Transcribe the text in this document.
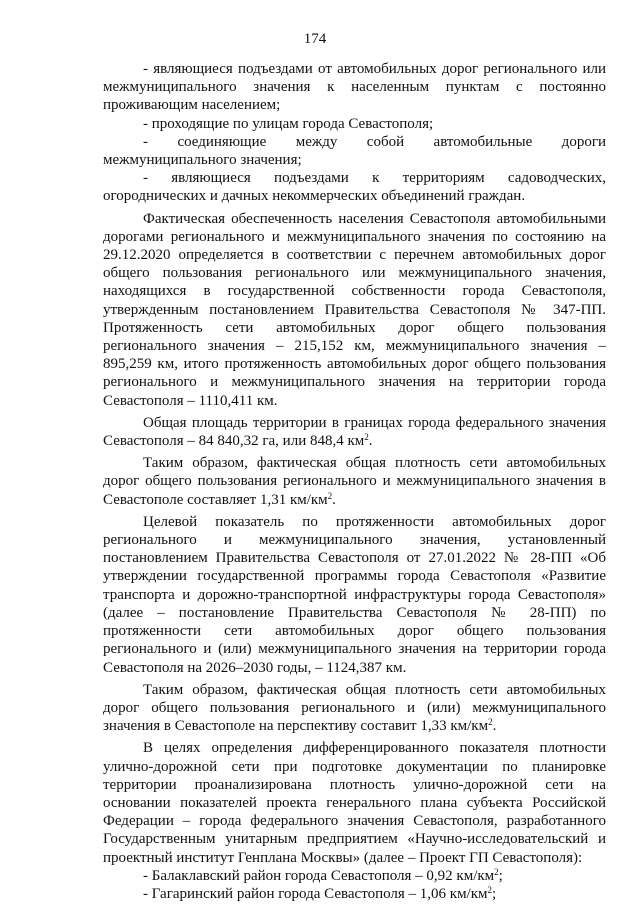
174

- являющиеся подъездами от автомобильных дорог регионального или межмуниципального значения к населенным пунктам с постоянно проживающим населением;

- проходящие по улицам города Севастополя;

- соединяющие между собой автомобильные дороги межмуниципального значения;

- являющиеся подъездами к территориям садоводческих, огороднических и дачных некоммерческих объединений граждан.

Фактическая обеспеченность населения Севастополя автомобильными дорогами регионального и межмуниципального значения по состоянию на 29.12.2020 определяется в соответствии с перечнем автомобильных дорог общего пользования регионального или межмуниципального значения, находящихся в государственной собственности города Севастополя, утвержденным постановлением Правительства Севастополя № 347-ПП. Протяженность сети автомобильных дорог общего пользования регионального значения – 215,152 км, межмуниципального значения – 895,259 км, итого протяженность автомобильных дорог общего пользования регионального и межмуниципального значения на территории города Севастополя – 1110,411 км.

Общая площадь территории в границах города федерального значения Севастополя – 84 840,32 га, или 848,4 $км^2$.

Таким образом, фактическая общая плотность сети автомобильных дорог общего пользования регионального и межмуниципального значения в Севастополе составляет 1,31 $км/км^2$.

Целевой показатель по протяженности автомобильных дорог регионального и межмуниципального значения, установленный постановлением Правительства Севастополя от 27.01.2022 № 28-ПП «Об утверждении государственной программы города Севастополя «Развитие транспорта и дорожно-транспортной инфраструктуры города Севастополя» (далее – постановление Правительства Севастополя № 28-ПП) по протяженности сети автомобильных дорог общего пользования регионального и (или) межмуниципального значения на территории города Севастополя на 2026–2030 годы, – 1124,387 км.

Таким образом, фактическая общая плотность сети автомобильных дорог общего пользования регионального и (или) межмуниципального значения в Севастополе на перспективу составит 1,33 $км/км^2$.

В целях определения дифференцированного показателя плотности улично-дорожной сети при подготовке документации по планировке территории проанализирована плотность улично-дорожной сети на основании показателей проекта генерального плана субъекта Российской Федерации – города федерального значения Севастополя, разработанного Государственным унитарным предприятием «Научно-исследовательский и проектный институт Генплана Москвы» (далее – Проект ГП Севастополя):

- Балаклавский район города Севастополя – 0,92 $км/км^2$;

- Гагаринский район города Севастополя – 1,06 $км/км^2$;
